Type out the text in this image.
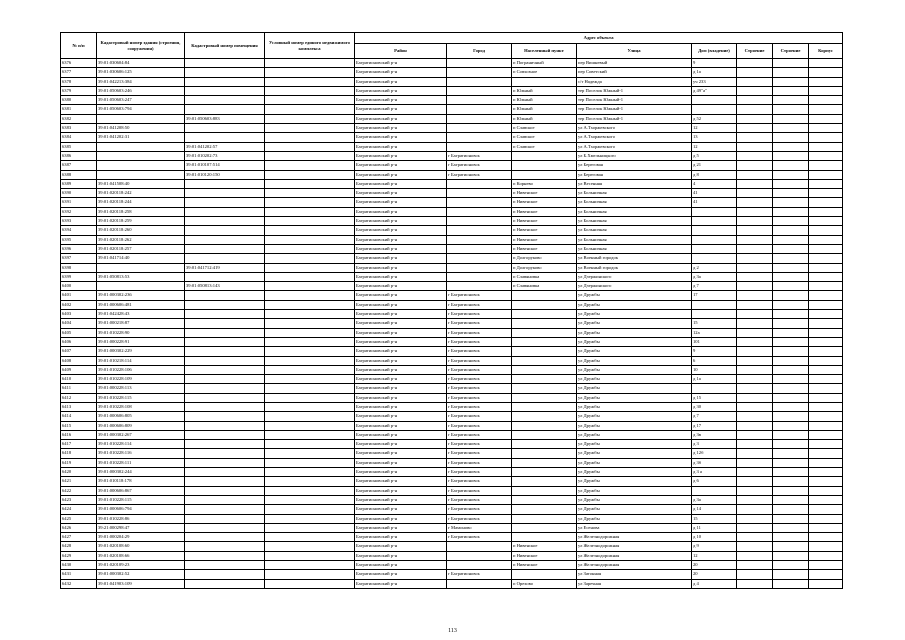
№ п/п	Кадастровый номер здания (строения, сооружения)	Кадастровый номер помещения	Условный номер единого недвижимого комплекса	Адрес объекта							
				Район	Город	Населенный пункт	Улица	Дом (владение)	Строение	Строение	Корпус
6376	39:01:030604:84			Багратионовский р-н		п Пограничный	пер Вишневый	9			
6377	39:01:030606:125			Багратионовский р-н		п Совхозное	пер Советский	д 1а			
6378	39:01:042213:384			Багратионовский р-н			с/т Надежда	уч 233			
6379	39:01:050603:246			Багратионовский р-н		п Южный	тер Поселок Южный-1	д 49"а"			
6380	39:01:050603:247			Багратионовский р-н		п Южный	тер Поселок Южный-1				
6381	39:01:050603:794			Багратионовский р-н		п Южный	тер Поселок Южный-1				
6382		39:01:050603:883		Багратионовский р-н		п Южный	тер Поселок Южный-1	д 52			
6383	39:01:041208:50			Багратионовский р-н		п Славское	ул А.Тхоржевского	12			
6384	39:01:041202:31			Багратионовский р-н		п Славское	ул А.Тхоржевского	13			
6385		39:01:041202:57		Багратионовский р-н		п Славское	ул А.Тхоржевского	12			
6386		39:01:010202:73		Багратионовский р-н	г Багратионовск		ул Б.Хмельницкого	д 5			
6387		39:01:010107:514		Багратионовский р-н	г Багратионовск		ул Береговая	д 21			
6388		39:01:010120:150		Багратионовский р-н	г Багратионовск		ул Береговая	д 8			
6389	39:01:041508:40			Багратионовский р-н		п Корнево	ул Весенняя	4			
6390	39:01:020118:242			Багратионовский р-н		п Нивенское	ул Больничная	41			
6391	39:01:020118:244			Багратионовский р-н		п Нивенское	ул Больничная	41			
6392	39:01:020118:258			Багратионовский р-н		п Нивенское	ул Больничная				
6393	39:01:020118:259			Багратионовский р-н		п Нивенское	ул Больничная				
6394	39:01:020118:260			Багратионовский р-н		п Нивенское	ул Больничная				
6395	39:01:020118:262			Багратионовский р-н		п Нивенское	ул Больничная				
6396	39:01:020118:257			Багратионовский р-н		п Нивенское	ул Больничная				
6397	39:01:041714:40			Багратионовский р-н		п Долгоруково	ул Военный городок				
6398		39:01:041712:419		Багратионовский р-н		п Долгоруково	ул Военный городок	д 2			
6399	39:01:050813:53			Багратионовский р-н		п Славяновка	ул Дзержинского	д 3а			
6400		39:01:050813:143		Багратионовский р-н		п Славяновка	ул Дзержинского	д 7			
6401	39:01:000302:236			Багратионовский р-н	г Багратионовск		ул Дружбы	17			
6402	39:01:000606:481			Багратионовский р-н	г Багратионовск		ул Дружбы				
6403	39:01:042428:43			Багратионовский р-н	г Багратионовск		ул Дружбы				
6404	39:01:000218:87			Багратионовский р-н	г Багратионовск		ул Дружбы	15			
6405	39:01:010228:90			Багратионовский р-н	г Багратионовск		ул Дружбы	12а			
6406	39:01:000228:91			Багратионовский р-н	г Багратионовск		ул Дружбы	101			
6407	39:01:000302:229			Багратионовский р-н	г Багратионовск		ул Дружбы	9			
6408	39:01:010218:114			Багратионовский р-н	г Багратионовск		ул Дружбы	6			
6409	39:01:010228:106			Багратионовский р-н	г Багратионовск		ул Дружбы	10			
6410	39:01:010228:109			Багратионовский р-н	г Багратионовск		ул Дружбы	д 1а			
6411	39:01:000228:113			Багратионовский р-н	г Багратионовск		ул Дружбы				
6412	39:01:010228:115			Багратионовский р-н	г Багратионовск		ул Дружбы	д 15			
6413	39:01:010228:108			Багратионовский р-н	г Багратионовск		ул Дружбы	д 30			
6414	39:01:000606:805			Багратионовский р-н	г Багратионовск		ул Дружбы	д 7			
6415	39:01:000606:809			Багратионовский р-н	г Багратионовск		ул Дружбы	д 17			
6416	39:01:000302:267			Багратионовский р-н	г Багратионовск		ул Дружбы	д 3в			
6417	39:01:010228:114			Багратионовский р-н	г Багратионовск		ул Дружбы	д 3			
6418	39:01:010228:116			Багратионовский р-н	г Багратионовск		ул Дружбы	д 12б			
6419	39:01:010228:111			Багратионовский р-н	г Багратионовск		ул Дружбы	д 3б			
6420	39:01:000302:244			Багратионовский р-н	г Багратионовск		ул Дружбы	д 3 а			
6421	39:01:010118:178			Багратионовский р-н	г Багратионовск		ул Дружбы	д 6			
6422	39:01:000606:867			Багратионовский р-н	г Багратионовск		ул Дружбы				
6423	39:01:010228:115			Багратионовский р-н	г Багратионовск		ул Дружбы	д 3а			
6424	39:01:000606:794			Багратионовский р-н	г Багратионовск		ул Дружбы	д 14			
6425	39:01:010228:86			Багратионовский р-н	г Багратионовск		ул Дружбы	15			
6426	39:21:000298:47			Багратионовский р-н	г Мамоново		ул Есенова	д 11			
6427	39:01:000204:29			Багратионовский р-н	г Багратионовск		ул Железнодорожная	д 10			
6428	39:01:020108:60			Багратионовский р-н		п Нивенское	ул Железнодорожная	д 9			
6429	39:01:020108:66			Багратионовский р-н		п Нивенское	ул Железнодорожная	12			
6430	39:01:020109:23			Багратионовский р-н		п Нивенское	ул Железнодорожная	20			
6431	39:01:000302:52			Багратионовский р-н	г Багратионовск		ул Затонная	20			
6432	39:01:041903:109			Багратионовский р-н		п Орехово	ул Заречная	д 4			
113
